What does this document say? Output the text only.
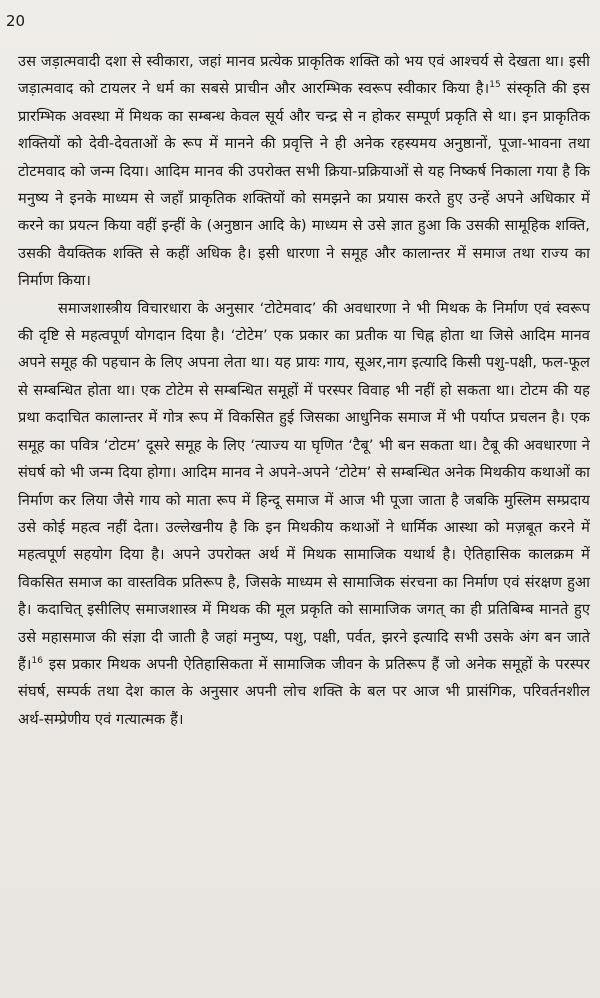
20

उस जड़ात्मवादी दशा से स्वीकारा, जहां मानव प्रत्येक प्राकृतिक शक्ति को भय एवं आश्चर्य से देखता था। इसी जड़ात्मवाद को टायलर ने धर्म का सबसे प्राचीन और आरम्भिक स्वरूप स्वीकार किया है।$^{15}$ संस्कृति की इस प्रारम्भिक अवस्था में मिथक का सम्बन्ध केवल सूर्य और चन्द्र से न होकर सम्पूर्ण प्रकृति से था। इन प्राकृतिक शक्तियों को देवी-देवताओं के रूप में मानने की प्रवृत्ति ने ही अनेक रहस्यमय अनुष्ठानों, पूजा-भावना तथा टोटमवाद को जन्म दिया। आदिम मानव की उपरोक्त सभी क्रिया-प्रक्रियाओं से यह निष्कर्ष निकाला गया है कि मनुष्य ने इनके माध्यम से जहाँ प्राकृतिक शक्तियों को समझने का प्रयास करते हुए उन्हें अपने अधिकार में करने का प्रयत्न किया वहीं इन्हीं के (अनुष्ठान आदि के) माध्यम से उसे ज्ञात हुआ कि उसकी सामूहिक शक्ति, उसकी वैयक्तिक शक्ति से कहीं अधिक है। इसी धारणा ने समूह और कालान्तर में समाज तथा राज्य का निर्माण किया।

समाजशास्त्रीय विचारधारा के अनुसार ‘टोटेमवाद’ की अवधारणा ने भी मिथक के निर्माण एवं स्वरूप की दृष्टि से महत्वपूर्ण योगदान दिया है। ‘टोटेम’ एक प्रकार का प्रतीक या चिह्न होता था जिसे आदिम मानव अपने समूह की पहचान के लिए अपना लेता था। यह प्रायः गाय, सूअर,नाग इत्यादि किसी पशु-पक्षी, फल-फूल से सम्बन्धित होता था। एक टोटेम से सम्बन्धित समूहों में परस्पर विवाह भी नहीं हो सकता था। टोटम की यह प्रथा कदाचित कालान्तर में गोत्र रूप में विकसित हुई जिसका आधुनिक समाज में भी पर्याप्त प्रचलन है। एक समूह का पवित्र ‘टोटम’ दूसरे समूह के लिए ‘त्याज्य या घृणित ‘टैबू’ भी बन सकता था। टैबू की अवधारणा ने संघर्ष को भी जन्म दिया होगा। आदिम मानव ने अपने-अपने ‘टोटेम’ से सम्बन्धित अनेक मिथकीय कथाओं का निर्माण कर लिया जैसे गाय को माता रूप में हिन्दू समाज में आज भी पूजा जाता है जबकि मुस्लिम सम्प्रदाय उसे कोई महत्व नहीं देता। उल्लेखनीय है कि इन मिथकीय कथाओं ने धार्मिक आस्था को मज़बूत करने में महत्वपूर्ण सहयोग दिया है। अपने उपरोक्त अर्थ में मिथक सामाजिक यथार्थ है। ऐतिहासिक कालक्रम में विकसित समाज का वास्तविक प्रतिरूप है, जिसके माध्यम से सामाजिक संरचना का निर्माण एवं संरक्षण हुआ है। कदाचित् इसीलिए समाजशास्त्र में मिथक की मूल प्रकृति को सामाजिक जगत् का ही प्रतिबिम्ब मानते हुए उसे महासमाज की संज्ञा दी जाती है जहां मनुष्य, पशु, पक्षी, पर्वत, झरने इत्यादि सभी उसके अंग बन जाते हैं।$^{16}$ इस प्रकार मिथक अपनी ऐतिहासिकता में सामाजिक जीवन के प्रतिरूप हैं जो अनेक समूहों के परस्पर संघर्ष, सम्पर्क तथा देश काल के अनुसार अपनी लोच शक्ति के बल पर आज भी प्रासंगिक, परिवर्तनशील अर्थ-सम्प्रेणीय एवं गत्यात्मक हैं।
